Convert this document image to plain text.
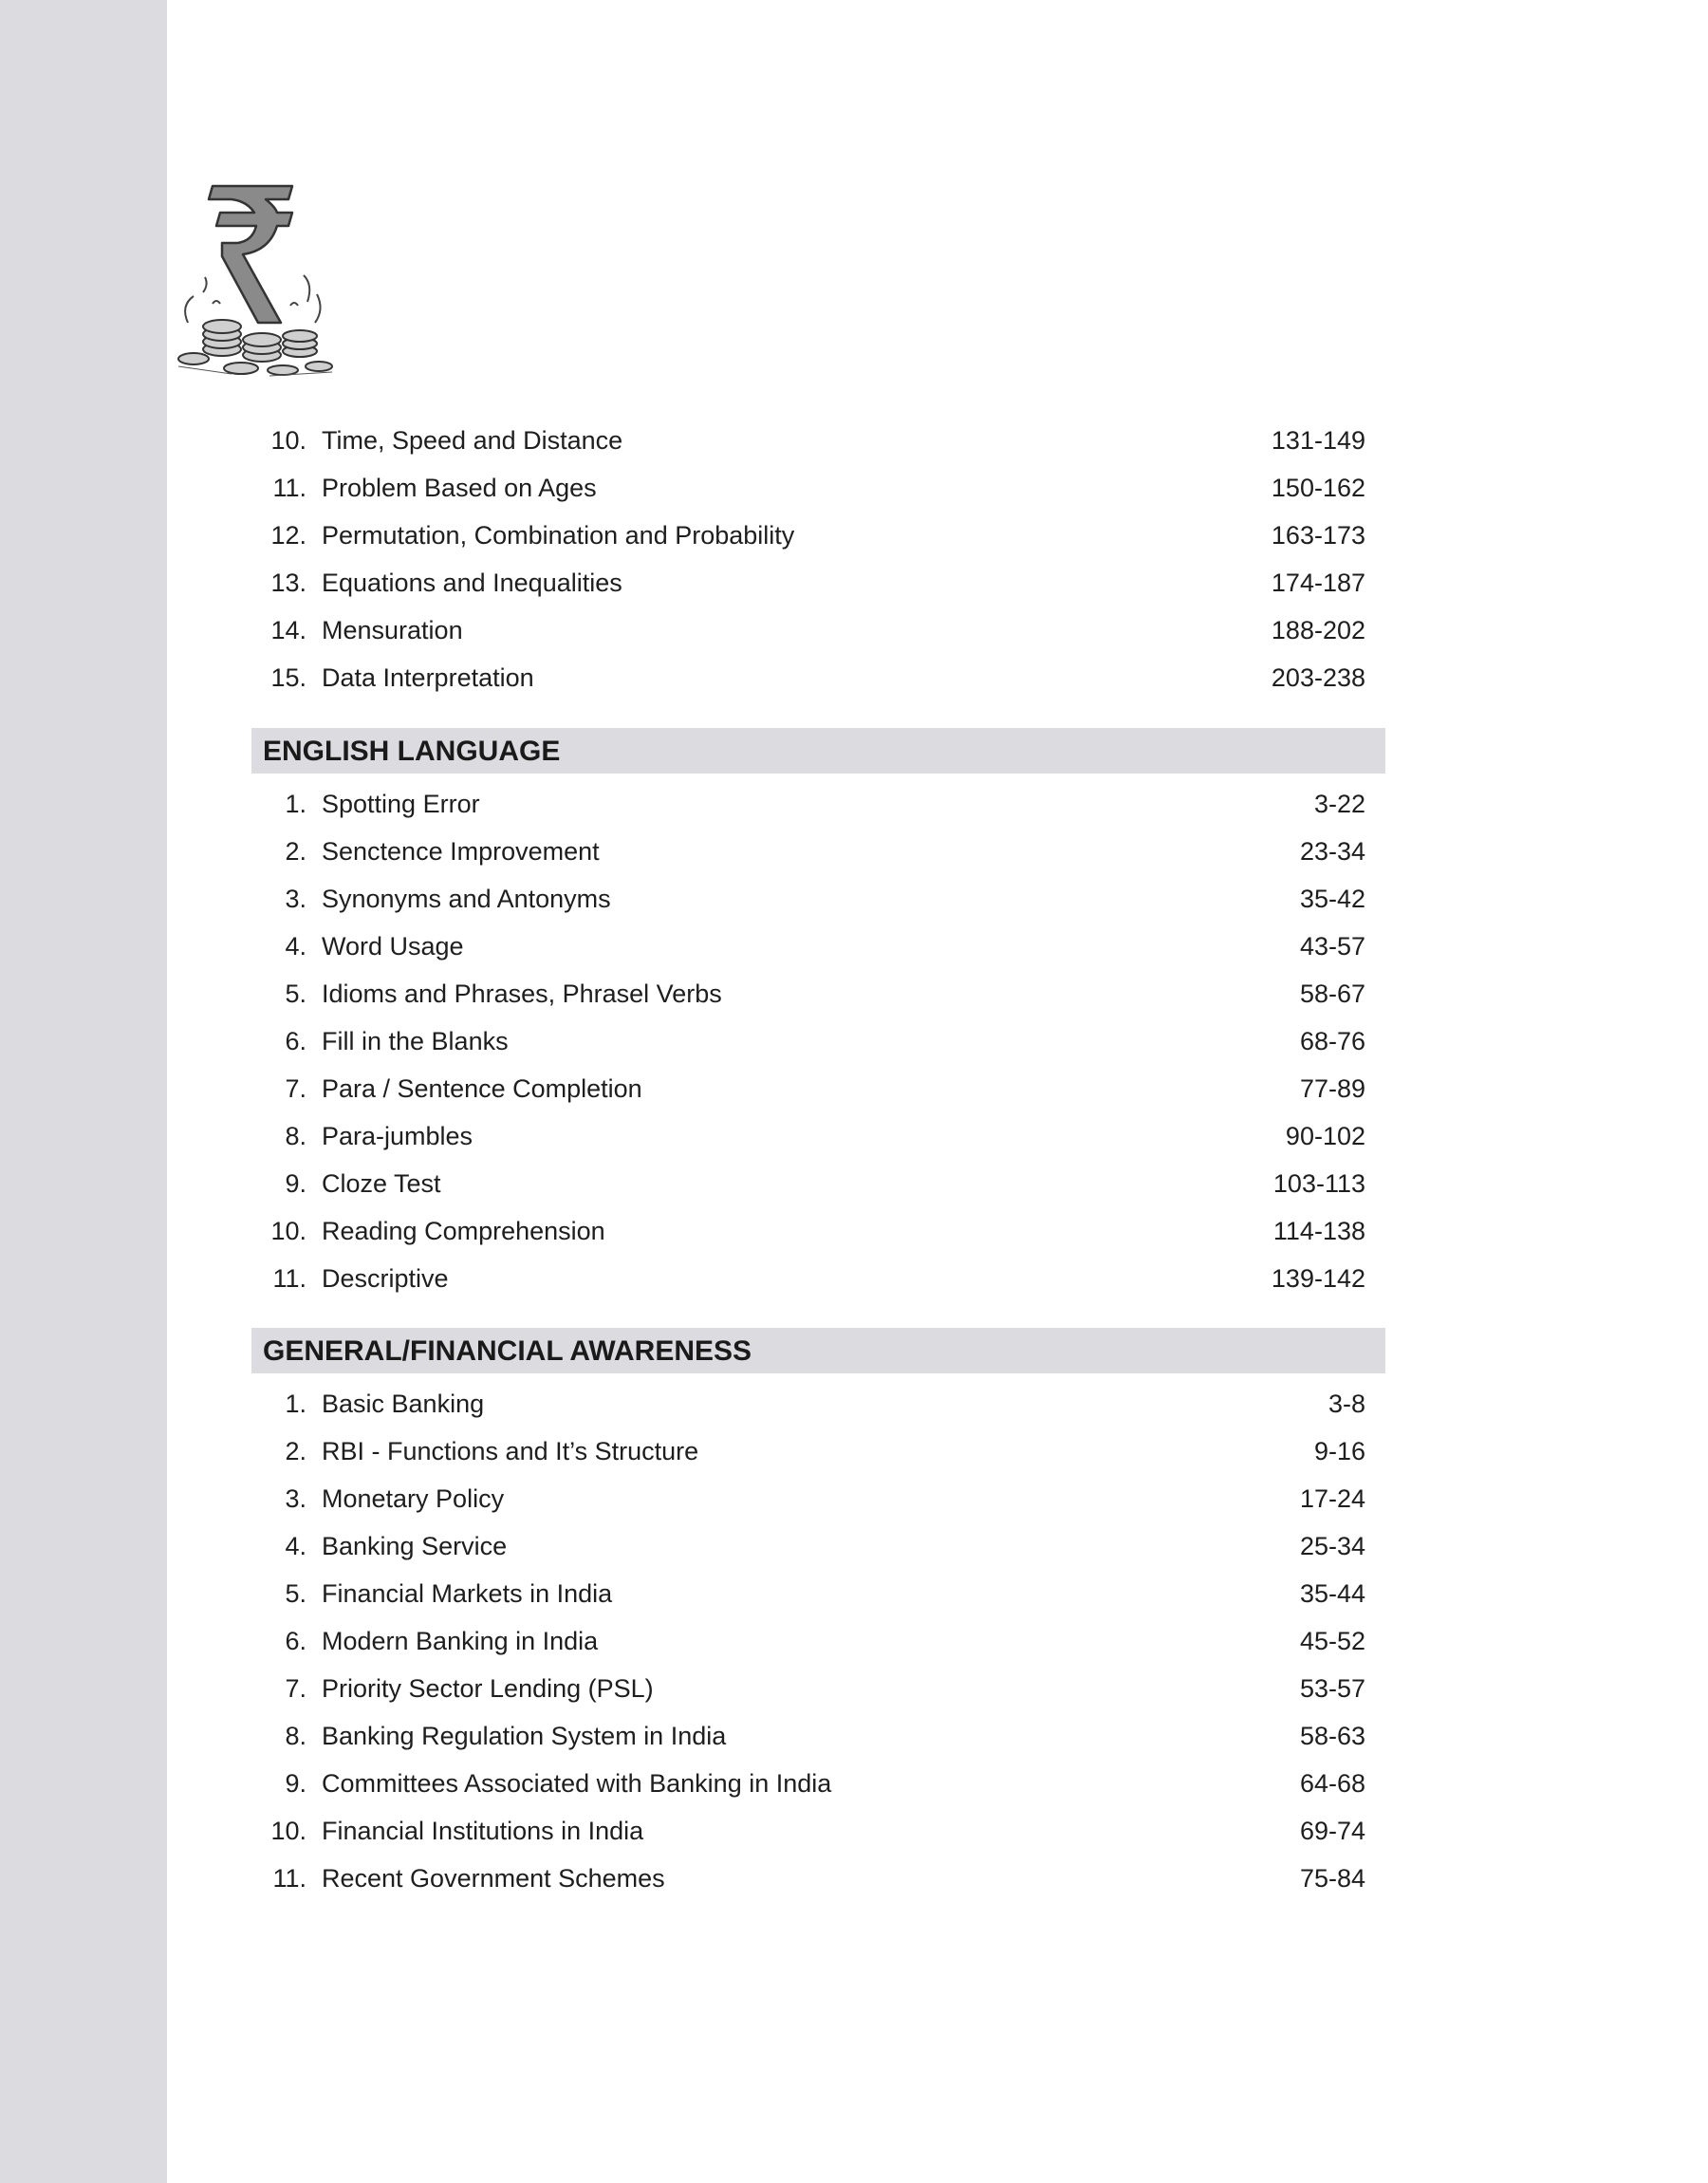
10. Time, Speed and Distance	131-149
11. Problem Based on Ages	150-162
12. Permutation, Combination and Probability	163-173
13. Equations and Inequalities	174-187
14. Mensuration	188-202
15. Data Interpretation	203-238
ENGLISH LANGUAGE
1. Spotting Error	3-22
2. Senctence Improvement	23-34
3. Synonyms and Antonyms	35-42
4. Word Usage	43-57
5. Idioms and Phrases, Phrasel Verbs	58-67
6. Fill in the Blanks	68-76
7. Para / Sentence Completion	77-89
8. Para-jumbles	90-102
9. Cloze Test	103-113
10. Reading Comprehension	114-138
11. Descriptive	139-142
GENERAL/FINANCIAL AWARENESS
1. Basic Banking	3-8
2. RBI - Functions and It’s Structure	9-16
3. Monetary Policy	17-24
4. Banking Service	25-34
5. Financial Markets in India	35-44
6. Modern Banking in India	45-52
7. Priority Sector Lending (PSL)	53-57
8. Banking Regulation System in India	58-63
9. Committees Associated with Banking in India	64-68
10. Financial Institutions in India	69-74
11. Recent Government Schemes	75-84
